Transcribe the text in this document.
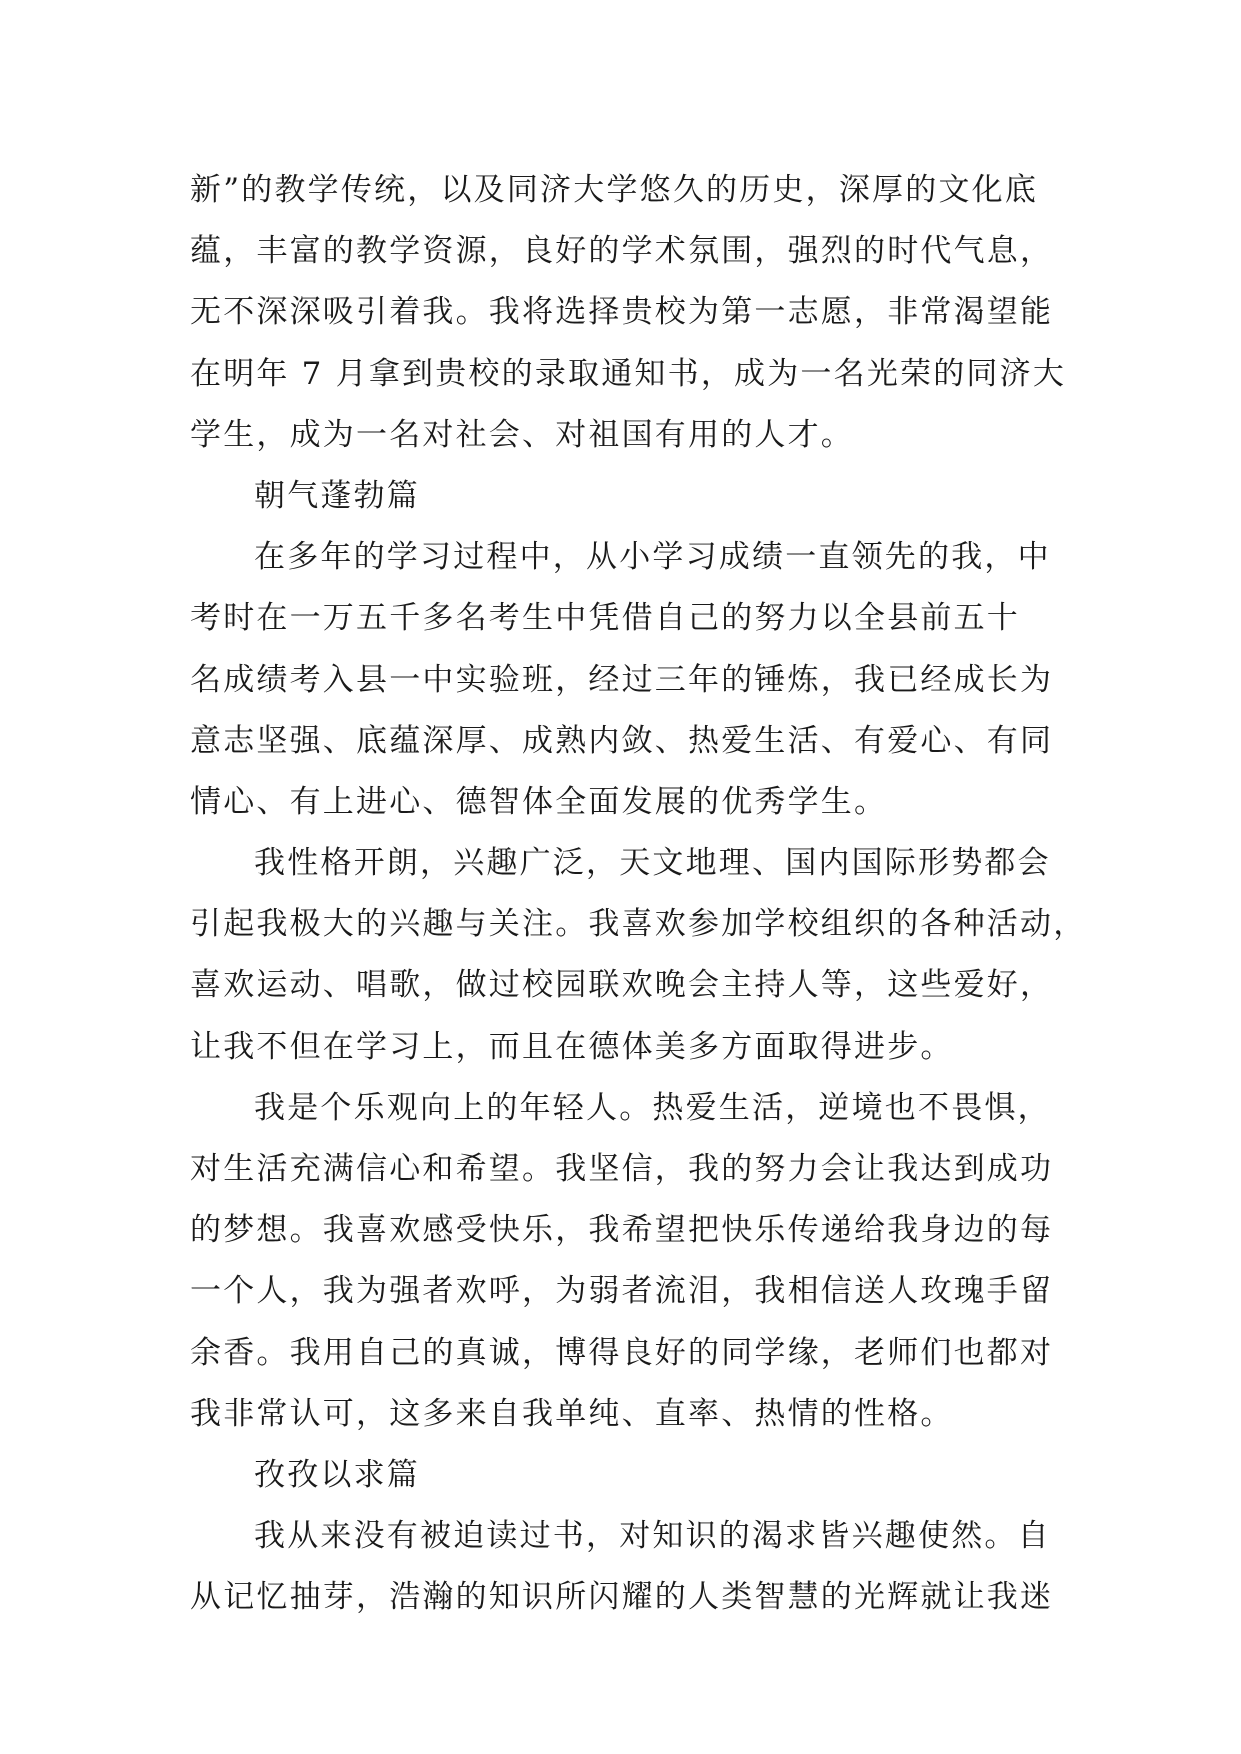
新”的教学传统，以及同济大学悠久的历史，深厚的文化底
蕴，丰富的教学资源，良好的学术氛围，强烈的时代气息，
无不深深吸引着我。我将选择贵校为第一志愿，非常渴望能
在明年 7 月拿到贵校的录取通知书，成为一名光荣的同济大
学生，成为一名对社会、对祖国有用的人才。
朝气蓬勃篇
在多年的学习过程中，从小学习成绩一直领先的我，中
考时在一万五千多名考生中凭借自己的努力以全县前五十
名成绩考入县一中实验班，经过三年的锤炼，我已经成长为
意志坚强、底蕴深厚、成熟内敛、热爱生活、有爱心、有同
情心、有上进心、德智体全面发展的优秀学生。
我性格开朗，兴趣广泛，天文地理、国内国际形势都会
引起我极大的兴趣与关注。我喜欢参加学校组织的各种活动，
喜欢运动、唱歌，做过校园联欢晚会主持人等，这些爱好，
让我不但在学习上，而且在德体美多方面取得进步。
我是个乐观向上的年轻人。热爱生活，逆境也不畏惧，
对生活充满信心和希望。我坚信，我的努力会让我达到成功
的梦想。我喜欢感受快乐，我希望把快乐传递给我身边的每
一个人，我为强者欢呼，为弱者流泪，我相信送人玫瑰手留
余香。我用自己的真诚，博得良好的同学缘，老师们也都对
我非常认可，这多来自我单纯、直率、热情的性格。
孜孜以求篇
我从来没有被迫读过书，对知识的渴求皆兴趣使然。自
从记忆抽芽，浩瀚的知识所闪耀的人类智慧的光辉就让我迷
